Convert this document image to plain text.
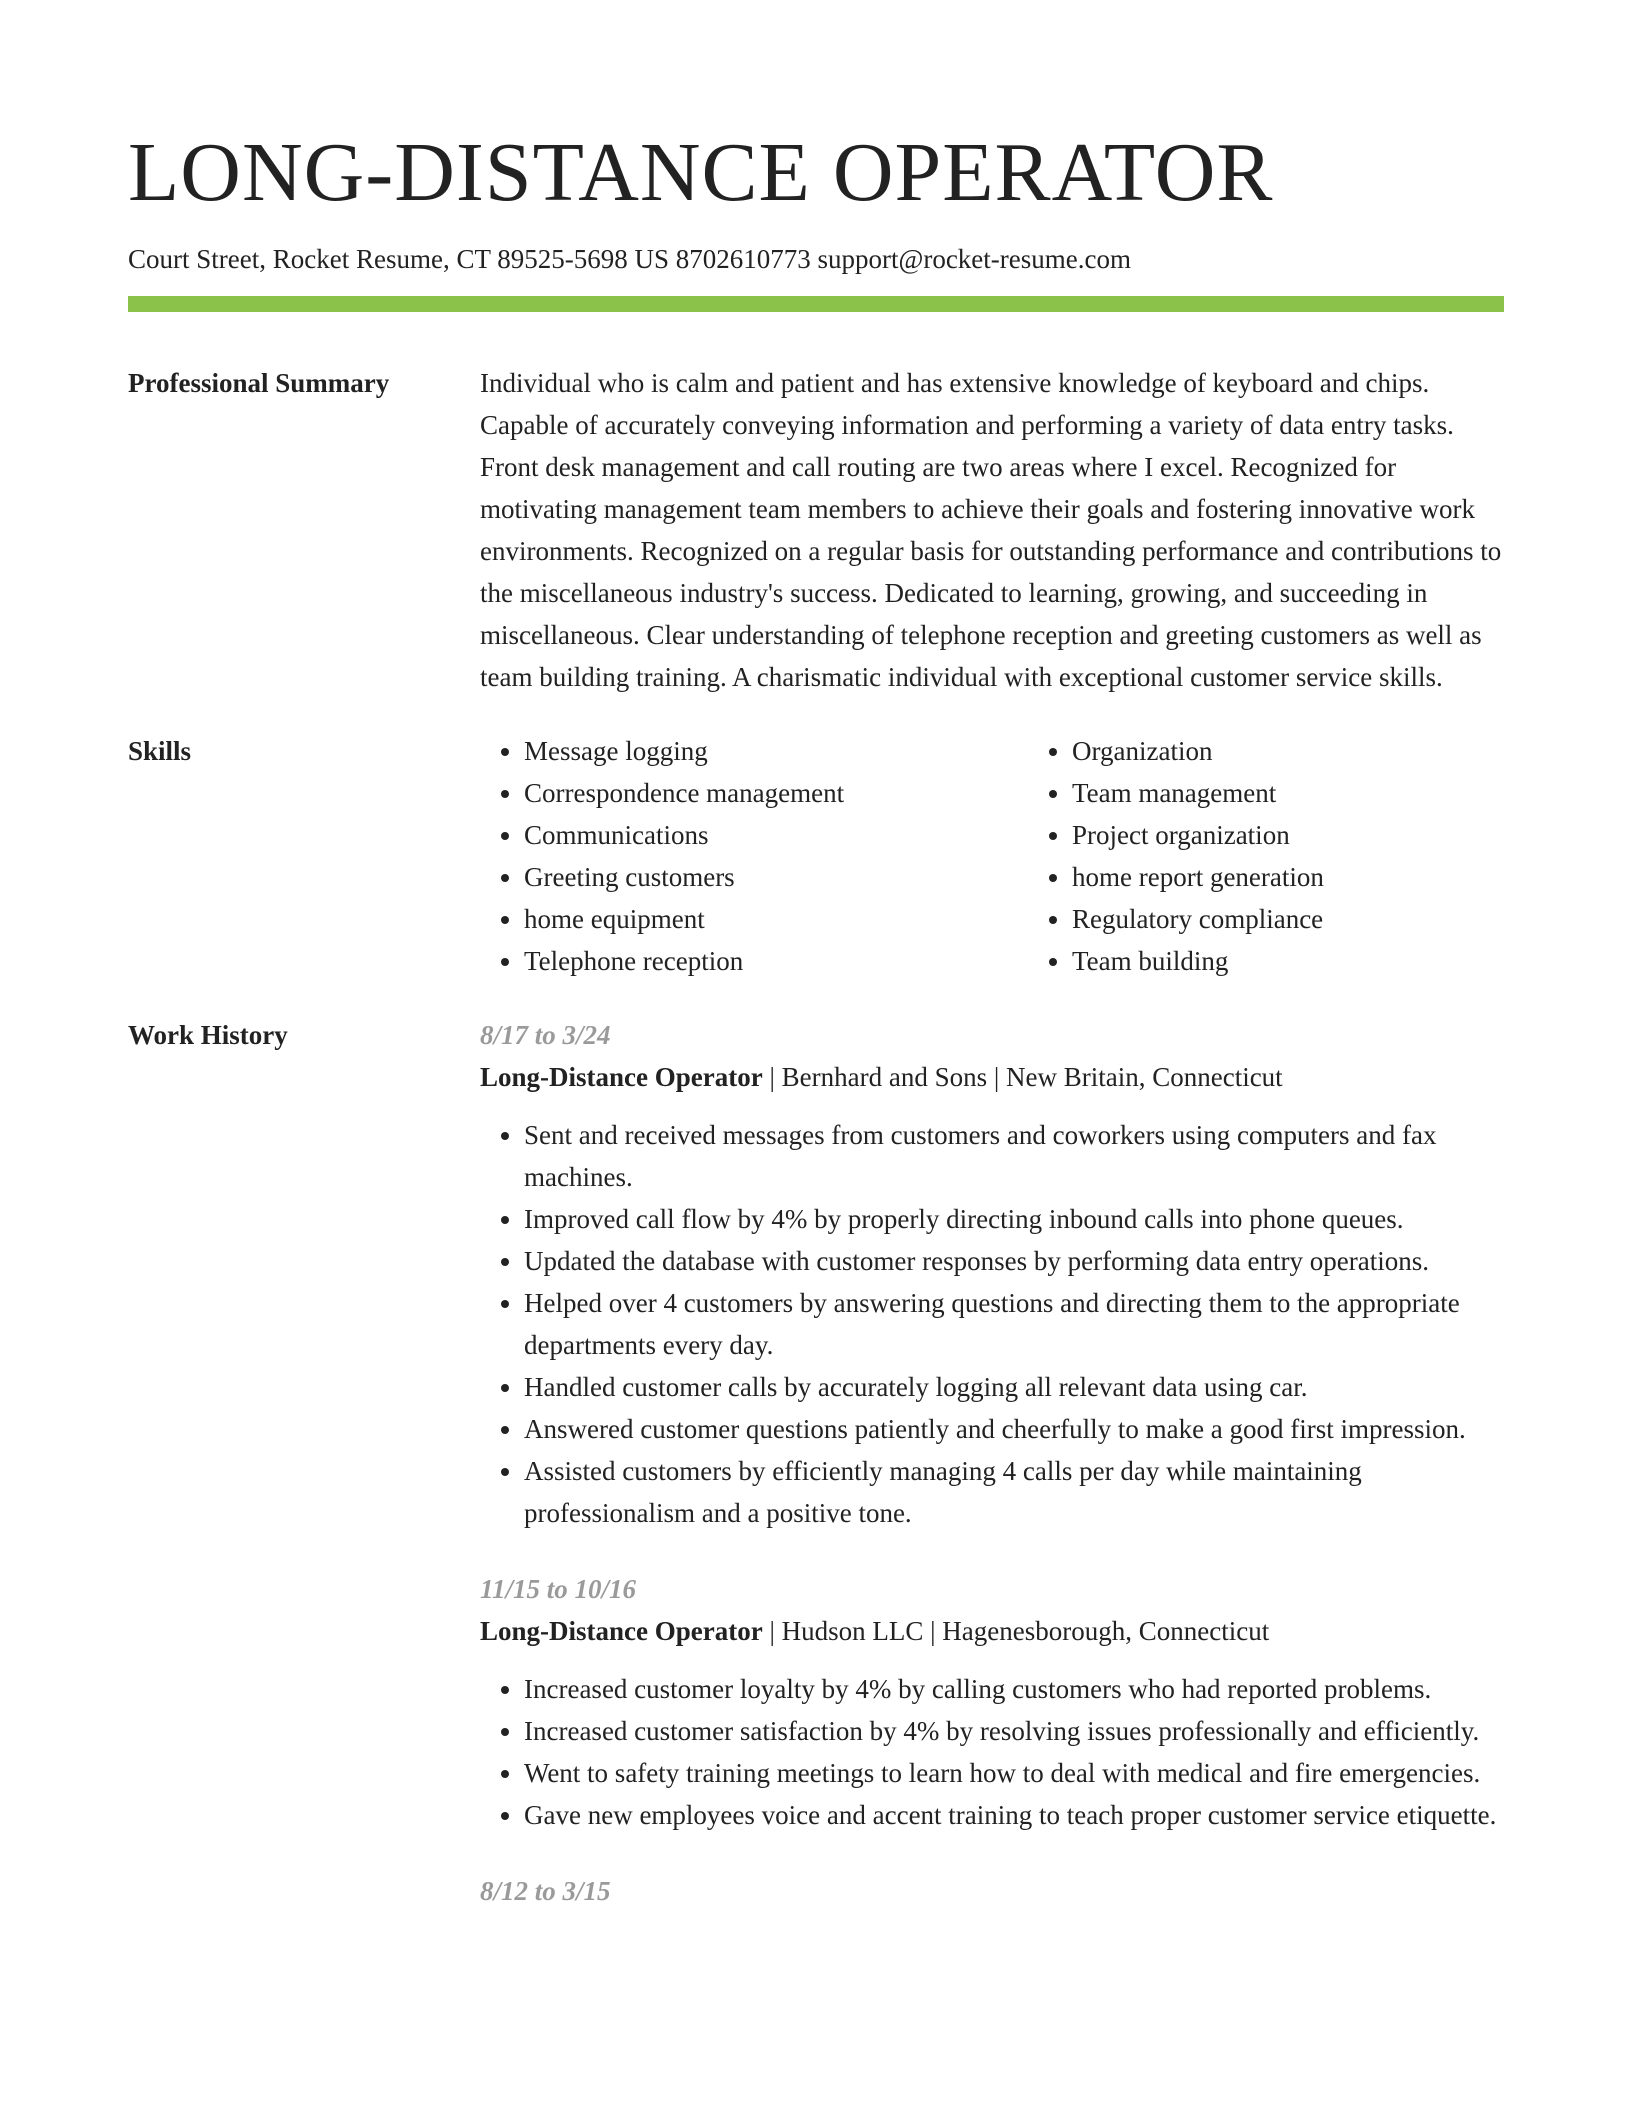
LONG-DISTANCE OPERATOR
Court Street, Rocket Resume, CT 89525-5698 US 8702610773 support@rocket-resume.com
Professional Summary	Individual who is calm and patient and has extensive knowledge of keyboard and chips. Capable of accurately conveying information and performing a variety of data entry tasks. Front desk management and call routing are two areas where I excel. Recognized for motivating management team members to achieve their goals and fostering innovative work environments. Recognized on a regular basis for outstanding performance and contributions to the miscellaneous industry's success. Dedicated to learning, growing, and succeeding in miscellaneous. Clear understanding of telephone reception and greeting customers as well as team building training. A charismatic individual with exceptional customer service skills.

Skills
•	Message logging
• Correspondence management
• Communications
• Greeting customers
• home equipment
• Telephone reception
• Organization
• Team management
• Project organization
• home report generation
• Regulatory compliance
• Team building
Work History	8/17 to 3/24
Long-Distance Operator | Bernhard and Sons | New Britain, Connecticut
• Sent and received messages from customers and coworkers using computers and fax machines.
• Improved call flow by 4% by properly directing inbound calls into phone queues.
• Updated the database with customer responses by performing data entry operations.
• Helped over 4 customers by answering questions and directing them to the appropriate departments every day.
• Handled customer calls by accurately logging all relevant data using car.
• Answered customer questions patiently and cheerfully to make a good first impression.
• Assisted customers by efficiently managing 4 calls per day while maintaining professionalism and a positive tone.
11/15 to 10/16
Long-Distance Operator | Hudson LLC | Hagenesborough, Connecticut
• Increased customer loyalty by 4% by calling customers who had reported problems.
• Increased customer satisfaction by 4% by resolving issues professionally and efficiently.
• Went to safety training meetings to learn how to deal with medical and fire emergencies.
• Gave new employees voice and accent training to teach proper customer service etiquette.
8/12 to 3/15
